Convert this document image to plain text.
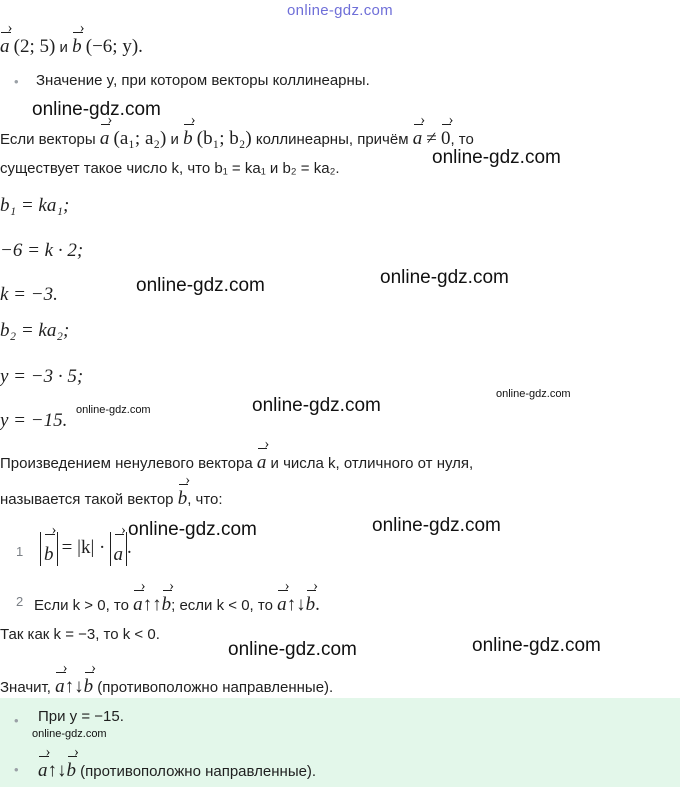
online-gdz.com
a › (2; 5) и b › (−6; y).
• Значение y, при котором векторы коллинеарны.
Если векторы a › (a₁; a₂) и b › (b₁; b₂) коллинеарны, причём a › ≠ 0 ›, то
существует такое число k, что b₁ = ka₁ и b₂ = ka₂.
b₁ = ka₁;
−6 = k · 2;
k = −3.
b₂ = ka₂;
y = −3 · 5;
y = −15.
Произведением ненулевого вектора a › и числа k, отличного от нуля,
называется такой вектор b ›, что:
1 b › = |k| · a › .
2 Если k > 0, то a ›↑↑b ›; если k < 0, то a ›↑↓b ›.
Так как k = −3, то k < 0.
Значит, a ›↑↓b › (противоположно направленные).
• При y = −15.
• a ›↑↓b › (противоположно направленные).
online-gdz.com
online-gdz.com
online-gdz.com
online-gdz.com
online-gdz.com
online-gdz.com
online-gdz.com
online-gdz.com
online-gdz.com
online-gdz.com
online-gdz.com
online-gdz.com
